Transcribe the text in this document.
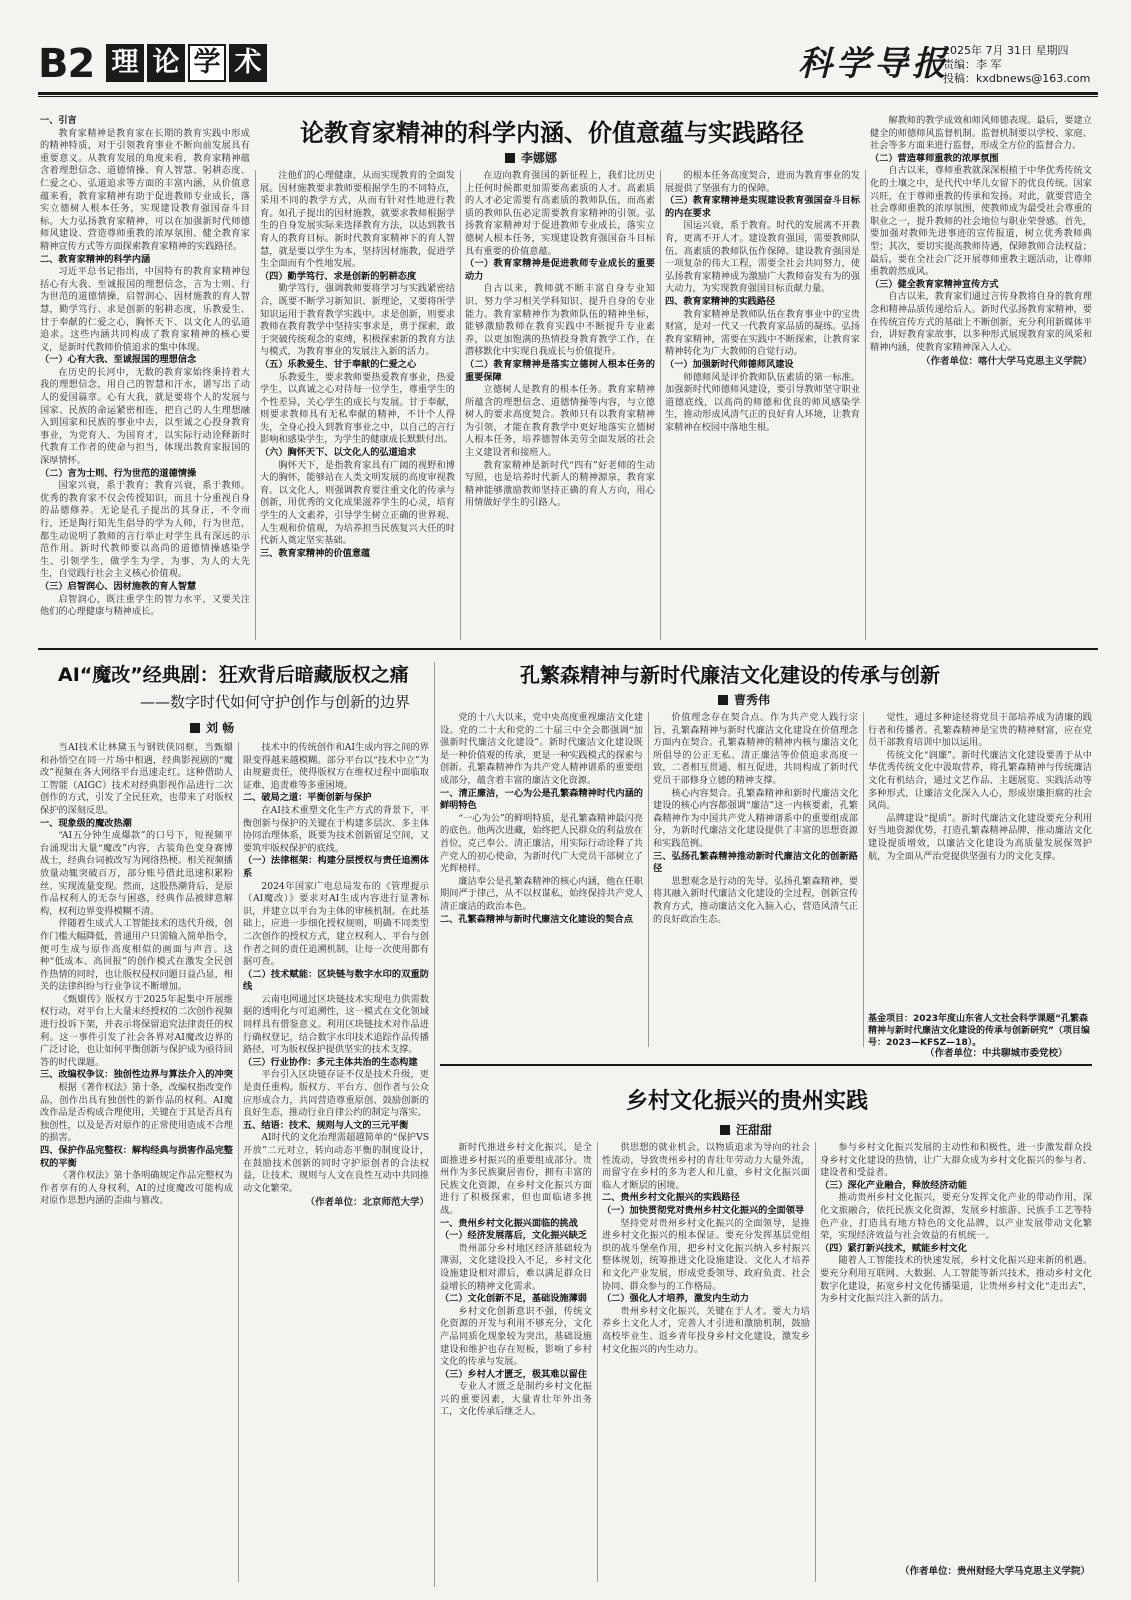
B2 理 论 学 术	科学导报
2025年 7月 31日 星期四
责编：李 军
投稿：kxdbnews@163.com
论教育家精神的科学内涵、价值意蕴与实践路径
李娜娜

一、引言

教育家精神是教育家在长期的教育实践中形成的精神特质，对于引领教育事业不断向前发展具有重要意义。从教育发展的角度来看，教育家精神蕴含着理想信念、道德情操、育人智慧、躬耕态度、仁爱之心、弘道追求等方面的丰富内涵，从价值意蕴来看，教育家精神有助于促进教师专业成长，落实立德树人根本任务，实现建设教育强国奋斗目标。大力弘扬教育家精神，可以在加强新时代师德师风建设、营造尊师重教的浓厚氛围、健全教育家精神宣传方式等方面探索教育家精神的实践路径。

二、教育家精神的科学内涵

习近平总书记指出，中国特有的教育家精神包括心有大我、至诚报国的理想信念，言为士则、行为世范的道德情操，启智润心、因材施教的育人智慧，勤学笃行、求是创新的躬耕态度，乐教爱生、甘于奉献的仁爱之心，胸怀天下、以文化人的弘道追求。这些内涵共同构成了教育家精神的核心要义，是新时代教师价值追求的集中体现。

（一）心有大我、至诚报国的理想信念

在历史的长河中，无数的教育家始终秉持着大我的理想信念，用自己的智慧和汗水，谱写出了动人的爱国篇章。心有大我，就是要将个人的发展与国家、民族的命运紧密相连，把自己的人生理想融入到国家和民族的事业中去，以至诚之心投身教育事业，为党育人、为国育才，以实际行动诠释新时代教育工作者的使命与担当，体现出教育家报国的深厚情怀。

（二）言为士则、行为世范的道德情操

国家兴衰，系于教育；教育兴衰，系于教师。优秀的教育家不仅会传授知识，而且十分重视自身的品德修养。无论是孔子提出的其身正，不令而行，还是陶行知先生倡导的学为人师，行为世范，都生动说明了教师的言行举止对学生具有深远的示范作用。新时代教师要以高尚的道德情操感染学生、引领学生，做学生为学、为事、为人的大先生，自觉践行社会主义核心价值观。

（三）启智润心、因材施教的育人智慧

启智润心，既注重学生的智力水平，又要关注他们的心理健康与精神成长。

注他们的心理健康，从而实现教育的全面发展。因材施教要求教师要根据学生的不同特点，采用不同的教学方式，从而有针对性地进行教育。如孔子提出的因材施教，就要求教师根据学生的自身发展实际来选择教育方法，以达到教书育人的教育目标。新时代教育家精神下的育人智慧，就是要以学生为本，坚持因材施教，促进学生全面而有个性地发展。

（四）勤学笃行、求是创新的躬耕态度

勤学笃行，强调教师要将学习与实践紧密结合，既要不断学习新知识、新理论，又要将所学知识运用于教育教学实践中。求是创新，则要求教师在教育教学中坚持实事求是，勇于探索，敢于突破传统观念的束缚，积极探索新的教育方法与模式，为教育事业的发展注入新的活力。

（五）乐教爱生、甘于奉献的仁爱之心

乐教爱生，要求教师要热爱教育事业，热爱学生，以真诚之心对待每一位学生，尊重学生的个性差异，关心学生的成长与发展。甘于奉献，则要求教师具有无私奉献的精神，不计个人得失，全身心投入到教育事业之中，以自己的言行影响和感染学生，为学生的健康成长默默付出。

（六）胸怀天下、以文化人的弘道追求

胸怀天下，是指教育家具有广阔的视野和博大的胸怀，能够站在人类文明发展的高度审视教育。以文化人，则强调教育要注重文化的传承与创新，用优秀的文化成果滋养学生的心灵，培育学生的人文素养，引导学生树立正确的世界观、人生观和价值观，为培养担当民族复兴大任的时代新人奠定坚实基础。

三、教育家精神的价值意蕴

在迈向教育强国的新征程上，我们比历史上任何时候都更加需要高素质的人才。高素质的人才必定需要有高素质的教师队伍，而高素质的教师队伍必定需要教育家精神的引领。弘扬教育家精神对于促进教师专业成长，落实立德树人根本任务，实现建设教育强国奋斗目标具有重要的价值意蕴。

（一）教育家精神是促进教师专业成长的重要动力

自古以来，教师就不断丰富自身专业知识、努力学习相关学科知识、提升自身的专业能力。教育家精神作为教师队伍的精神坐标，能够激励教师在教育实践中不断提升专业素养，以更加饱满的热情投身教育教学工作，在潜移默化中实现自我成长与价值提升。

（二）教育家精神是落实立德树人根本任务的重要保障

立德树人是教育的根本任务。教育家精神所蕴含的理想信念、道德情操等内容，与立德树人的要求高度契合。教师只有以教育家精神为引领，才能在教育教学中更好地落实立德树人根本任务，培养德智体美劳全面发展的社会主义建设者和接班人。

教育家精神是新时代“四有”好老师的生动写照，也是培养时代新人的精神源泉，教育家精神能够激励教师坚持正确的育人方向，用心用情做好学生的引路人。

的根本任务高度契合，进而为教育事业的发展提供了坚强有力的保障。

（三）教育家精神是实现建设教育强国奋斗目标的内在要求

国运兴衰，系于教育。时代的发展离不开教育，更离不开人才。建设教育强国，需要教师队伍、高素质的教师队伍作保障。建设教育强国是一项复杂的伟大工程，需要全社会共同努力，使弘扬教育家精神成为激励广大教师奋发有为的强大动力，为实现教育强国目标贡献力量。

四、教育家精神的实践路径

教育家精神是教师队伍在教育事业中的宝贵财富，是对一代又一代教育家品质的凝练。弘扬教育家精神，需要在实践中不断探索，让教育家精神转化为广大教师的自觉行动。

（一）加强新时代师德师风建设

师德师风是评价教师队伍素质的第一标准。加强新时代师德师风建设，要引导教师坚守职业道德底线，以高尚的师德和优良的师风感染学生，推动形成风清气正的良好育人环境，让教育家精神在校园中落地生根。

解教师的教学成效和师风师德表现。最后，要建立健全的师德师风监督机制。监督机制要以学校、家庭、社会等多方面来进行监督，形成全方位的监督合力。

（二）营造尊师重教的浓厚氛围

自古以来，尊师重教就深深根植于中华优秀传统文化的土壤之中，是代代中华儿女留下的优良传统。国家兴旺，在于尊师重教的传承和发扬。对此，就要营造全社会尊师重教的浓厚氛围，使教师成为最受社会尊重的职业之一，提升教师的社会地位与职业荣誉感。首先，要加强对教师先进事迹的宣传报道，树立优秀教师典型；其次，要切实提高教师待遇，保障教师合法权益；最后，要在全社会广泛开展尊师重教主题活动，让尊师重教蔚然成风。

（三）健全教育家精神宣传方式

自古以来，教育家们通过言传身教将自身的教育理念和精神品质传递给后人。新时代弘扬教育家精神，要在传统宣传方式的基础上不断创新，充分利用新媒体平台，讲好教育家故事，以多种形式展现教育家的风采和精神内涵，使教育家精神深入人心。

（作者单位：喀什大学马克思主义学院）
AI“魔改”经典剧：狂欢背后暗藏版权之痛
——数字时代如何守护创作与创新的边界
刘 畅

当AI技术让林黛玉与钢铁侠同框，当甄嬛和孙悟空在同一片场中相遇，经典影视剧的“魔改”视频在各大网络平台迅速走红。这种借助人工智能（AIGC）技术对经典影视作品进行二次创作的方式，引发了全民狂欢，也带来了对版权保护的深刻反思。

一、现象级的魔改热潮

“AI五分钟生成爆款”的口号下，短视频平台涌现出大量“魔改”内容，古装角色变身赛博战士，经典台词被改写为网络热梗。相关视频播放量动辄突破百万，部分账号借此迅速积累粉丝、实现流量变现。然而，这股热潮背后，是原作品权利人的无奈与困惑，经典作品被肆意解构，权利边界变得模糊不清。

伴随着生成式人工智能技术的迭代升级，创作门槛大幅降低，普通用户只需输入简单指令，便可生成与原作高度相似的画面与声音。这种“低成本、高回报”的创作模式在激发全民创作热情的同时，也让版权侵权问题日益凸显，相关的法律纠纷与行业争议不断增加。

《甄嬛传》版权方于2025年起集中开展维权行动，对平台上大量未经授权的二次创作视频进行投诉下架，并表示将保留追究法律责任的权利。这一事件引发了社会各界对AI魔改边界的广泛讨论，也让如何平衡创新与保护成为亟待回答的时代课题。

三、改编权争议：独创性边界与算法介入的冲突

根据《著作权法》第十条，改编权指改变作品，创作出具有独创性的新作品的权利。AI魔改作品是否构成合理使用，关键在于其是否具有独创性，以及是否对原作的正常使用造成不合理的损害。

四、保护作品完整权：解构经典与损害作品完整权的平衡

《著作权法》第十条明确规定作品完整权为作者享有的人身权利，AI的过度魔改可能构成对原作思想内涵的歪曲与篡改。

技术中的传统创作和AI生成内容之间的界限变得越来越模糊。部分平台以“技术中立”为由规避责任，使得版权方在维权过程中面临取证难、追责难等多重困境。

二、破局之道：平衡创新与保护

在AI技术重塑文化生产方式的背景下，平衡创新与保护的关键在于构建多层次、多主体协同治理体系，既要为技术创新留足空间，又要筑牢版权保护的底线。

（一）法律框架：构建分层授权与责任追溯体系

2024年国家广电总局发布的《管理提示（AI魔改）》要求对AI生成内容进行显著标识，并建立以平台为主体的审核机制。在此基础上，应进一步细化授权规则，明确不同类型二次创作的授权方式，建立权利人、平台与创作者之间的责任追溯机制，让每一次使用都有据可查。

（二）技术赋能：区块链与数字水印的双重防线

云南电网通过区块链技术实现电力供需数据的透明化与可追溯性，这一模式在文化领域同样具有借鉴意义。利用区块链技术对作品进行确权登记，结合数字水印技术追踪作品传播路径，可为版权保护提供坚实的技术支撑。

（三）行业协作：多元主体共治的生态构建

平台引入区块链存证不仅是技术升级，更是责任重构。版权方、平台方、创作者与公众应形成合力，共同营造尊重原创、鼓励创新的良好生态，推动行业自律公约的制定与落实。

五、结语：技术、规则与人文的三元平衡

AI时代的文化治理需超越简单的“保护VS开放”二元对立，转向动态平衡的制度设计，在鼓励技术创新的同时守护原创者的合法权益，让技术、规则与人文在良性互动中共同推动文化繁荣。

（作者单位：北京师范大学）
孔繁森精神与新时代廉洁文化建设的传承与创新
曹秀伟

党的十八大以来，党中央高度重视廉洁文化建设。党的二十大和党的二十届三中全会都强调“加强新时代廉洁文化建设”。新时代廉洁文化建设既是一种价值观的传承，更是一种实践模式的探索与创新。孔繁森精神作为共产党人精神谱系的重要组成部分，蕴含着丰富的廉洁文化资源。

一、清正廉洁，一心为公是孔繁森精神时代内涵的鲜明特色

“一心为公”的鲜明特质，是孔繁森精神最闪亮的底色。他两次进藏，始终把人民群众的利益放在首位，克己奉公、清正廉洁，用实际行动诠释了共产党人的初心使命，为新时代广大党员干部树立了光辉榜样。

廉洁奉公是孔繁森精神的核心内涵，他在任职期间严于律己，从不以权谋私，始终保持共产党人清正廉洁的政治本色。

二、孔繁森精神与新时代廉洁文化建设的契合点

价值理念存在契合点。作为共产党人践行宗旨，孔繁森精神与新时代廉洁文化建设在价值理念方面内在契合。孔繁森精神的精神内核与廉洁文化所倡导的公正无私、清正廉洁等价值追求高度一致，二者相互贯通、相互促进，共同构成了新时代党员干部修身立德的精神支撑。

核心内容契合。孔繁森精神和新时代廉洁文化建设的核心内容都强调“廉洁”这一内核要素，孔繁森精神作为中国共产党人精神谱系中的重要组成部分，为新时代廉洁文化建设提供了丰富的思想资源和实践范例。

三、弘扬孔繁森精神推动新时代廉洁文化的创新路径

思想观念是行动的先导。弘扬孔繁森精神，要将其融入新时代廉洁文化建设的全过程，创新宣传教育方式，推动廉洁文化入脑入心，营造风清气正的良好政治生态。

觉性，通过多种途径将党员干部培养成为清廉的践行者和传播者。孔繁森精神是宝贵的精神财富，应在党员干部教育培训中加以运用。

传统文化“润廉”。新时代廉洁文化建设要善于从中华优秀传统文化中汲取营养，将孔繁森精神与传统廉洁文化有机结合，通过文艺作品、主题展览、实践活动等多种形式，让廉洁文化深入人心，形成崇廉拒腐的社会风尚。

品牌建设“提质”。新时代廉洁文化建设要充分利用好当地资源优势，打造孔繁森精神品牌，推动廉洁文化建设提质增效，以廉洁文化建设为高质量发展保驾护航，为全面从严治党提供坚强有力的文化支撑。

基金项目：2023年度山东省人文社会科学课题“孔繁森精神与新时代廉洁文化建设的传承与创新研究”（项目编号：2023—KFSZ—18）。
（作者单位：中共聊城市委党校）
乡村文化振兴的贵州实践
汪甜甜

新时代推进乡村文化振兴，是全面推进乡村振兴的重要组成部分。贵州作为多民族聚居省份，拥有丰富的民族文化资源，在乡村文化振兴方面进行了积极探索，但也面临诸多挑战。

一、贵州乡村文化振兴面临的挑战

（一）经济发展落后，文化振兴缺乏

贵州部分乡村地区经济基础较为薄弱，文化建设投入不足，乡村文化设施建设相对滞后，难以满足群众日益增长的精神文化需求。

（二）文化创新不足，基础设施薄弱

乡村文化创新意识不强，传统文化资源的开发与利用不够充分，文化产品同质化现象较为突出，基础设施建设和维护也存在短板，影响了乡村文化的传承与发展。

（三）乡村人才匮乏，极其难以留住

专业人才匮乏是制约乡村文化振兴的重要因素，大量青壮年外出务工，文化传承后继乏人。

供思想的就业机会，以物质追求为导向的社会性流动，导致贵州乡村的青壮年劳动力大量外流，而留守在乡村的多为老人和儿童，乡村文化振兴面临人才断层的困境。

二、贵州乡村文化振兴的实践路径

（一）加快贯彻党对贵州乡村文化振兴的全面领导

坚持党对贵州乡村文化振兴的全面领导，是推进乡村文化振兴的根本保证。要充分发挥基层党组织的战斗堡垒作用，把乡村文化振兴纳入乡村振兴整体规划，统筹推进文化设施建设、文化人才培养和文化产业发展，形成党委领导、政府负责、社会协同、群众参与的工作格局。

（二）强化人才培养，激发内生动力

贵州乡村文化振兴，关键在于人才。要大力培养乡土文化人才，完善人才引进和激励机制，鼓励高校毕业生、返乡青年投身乡村文化建设，激发乡村文化振兴的内生动力。

参与乡村文化振兴发展的主动性和积极性，进一步激发群众投身乡村文化建设的热情，让广大群众成为乡村文化振兴的参与者、建设者和受益者。

（三）深化产业融合，释放经济动能

推动贵州乡村文化振兴，要充分发挥文化产业的带动作用，深化文旅融合，依托民族文化资源，发展乡村旅游、民族手工艺等特色产业，打造具有地方特色的文化品牌，以产业发展带动文化繁荣，实现经济效益与社会效益的有机统一。

（四）紧打新兴技术，赋能乡村文化

随着人工智能技术的快速发展，乡村文化振兴迎来新的机遇。要充分利用互联网、大数据、人工智能等新兴技术，推动乡村文化数字化建设，拓宽乡村文化传播渠道，让贵州乡村文化“走出去”，为乡村文化振兴注入新的活力。

（作者单位：贵州财经大学马克思主义学院）
